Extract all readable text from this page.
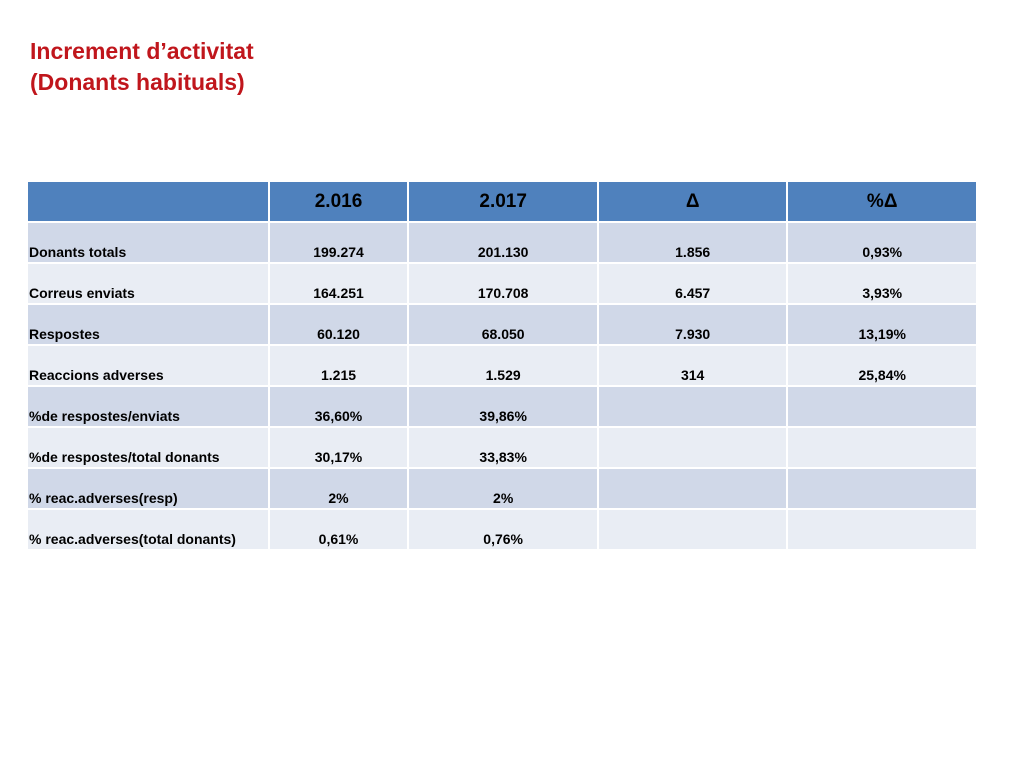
Increment d’activitat
(Donants habituals)
	2.016	2.017	Δ	%Δ
Donants totals	199.274	201.130	1.856	0,93%
Correus enviats	164.251	170.708	6.457	3,93%
Respostes	60.120	68.050	7.930	13,19%
Reaccions adverses	1.215	1.529	314	25,84%
%de respostes/enviats	36,60%	39,86%		
%de respostes/total donants	30,17%	33,83%		
% reac.adverses(resp)	2%	2%		
% reac.adverses(total donants)	0,61%	0,76%		
